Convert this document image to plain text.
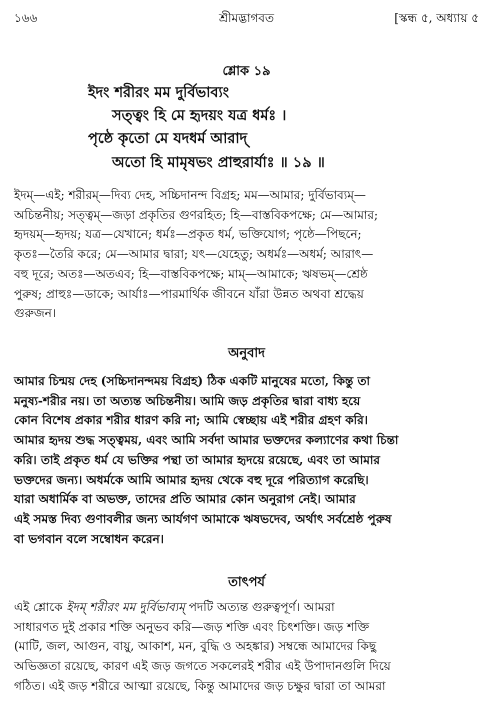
১৬৬	শ্রীমদ্ভাগবত	[স্কন্ধ ৫, অধ্যায় ৫
শ্লোক ১৯
ইদং শরীরং মম দুর্বিভাব্যং
সত্ত্বং হি মে হৃদয়ং যত্র ধর্মঃ ।
পৃষ্ঠে কৃতো মে যদধর্ম আরাদ্
অতো হি মামৃষভং প্রাহুরার্যাঃ ॥ ১৯ ॥
ইদম্—এই; শরীরম্—দিব্য দেহ, সচ্চিদানন্দ বিগ্রহ; মম—আমার; দুর্বিভাব্যম্—
অচিন্তনীয়; সত্ত্বম্—জড়া প্রকৃতির গুণরহিত; হি—বাস্তবিকপক্ষে; মে—আমার;
হৃদয়ম্—হৃদয়; যত্র—যেখানে; ধর্মঃ—প্রকৃত ধর্ম, ভক্তিযোগ; পৃষ্ঠে—পিছনে;
কৃতঃ—তৈরি করে; মে—আমার দ্বারা; যৎ—যেহেতু; অধর্মঃ—অধর্ম; আরাৎ—
বহু দূরে; অতঃ—অতএব; হি—বাস্তবিকপক্ষে; মাম্—আমাকে; ঋষভম্—শ্রেষ্ঠ
পুরুষ; প্রাহুঃ—ডাকে; আর্যাঃ—পারমার্থিক জীবনে যাঁরা উন্নত অথবা শ্রদ্ধেয়
গুরুজন।
অনুবাদ
আমার চিন্ময় দেহ (সচ্চিদানন্দময় বিগ্রহ) ঠিক একটি মানুষের মতো, কিন্তু তা
মনুষ্য-শরীর নয়। তা অত্যন্ত অচিন্তনীয়। আমি জড় প্রকৃতির দ্বারা বাধ্য হয়ে
কোন বিশেষ প্রকার শরীর ধারণ করি না; আমি স্বেচ্ছায় এই শরীর গ্রহণ করি।
আমার হৃদয় শুদ্ধ সত্ত্বময়, এবং আমি সর্বদা আমার ভক্তদের কল্যাণের কথা চিন্তা
করি। তাই প্রকৃত ধর্ম যে ভক্তির পন্থা তা আমার হৃদয়ে রয়েছে, এবং তা আমার
ভক্তদের জন্য। অধর্মকে আমি আমার হৃদয় থেকে বহু দূরে পরিত্যাগ করেছি।
যারা অধার্মিক বা অভক্ত, তাদের প্রতি আমার কোন অনুরাগ নেই। আমার
এই সমস্ত দিব্য গুণাবলীর জন্য আর্যগণ আমাকে ঋষভদেব, অর্থাৎ সর্বশ্রেষ্ঠ পুরুষ
বা ভগবান বলে সম্বোধন করেন।
তাৎপর্য
এই শ্লোকে ইদম্ শরীরং মম দুর্বিভাব্যম্ পদটি অত্যন্ত গুরুত্বপূর্ণ। আমরা
সাধারণত দুই প্রকার শক্তি অনুভব করি—জড় শক্তি এবং চিৎশক্তি। জড় শক্তি
(মাটি, জল, আগুন, বায়ু, আকাশ, মন, বুদ্ধি ও অহঙ্কার) সম্বন্ধে আমাদের কিছু
অভিজ্ঞতা রয়েছে, কারণ এই জড় জগতে সকলেরই শরীর এই উপাদানগুলি দিয়ে
গঠিত। এই জড় শরীরে আত্মা রয়েছে, কিন্তু আমাদের জড় চক্ষুর দ্বারা তা আমরা
